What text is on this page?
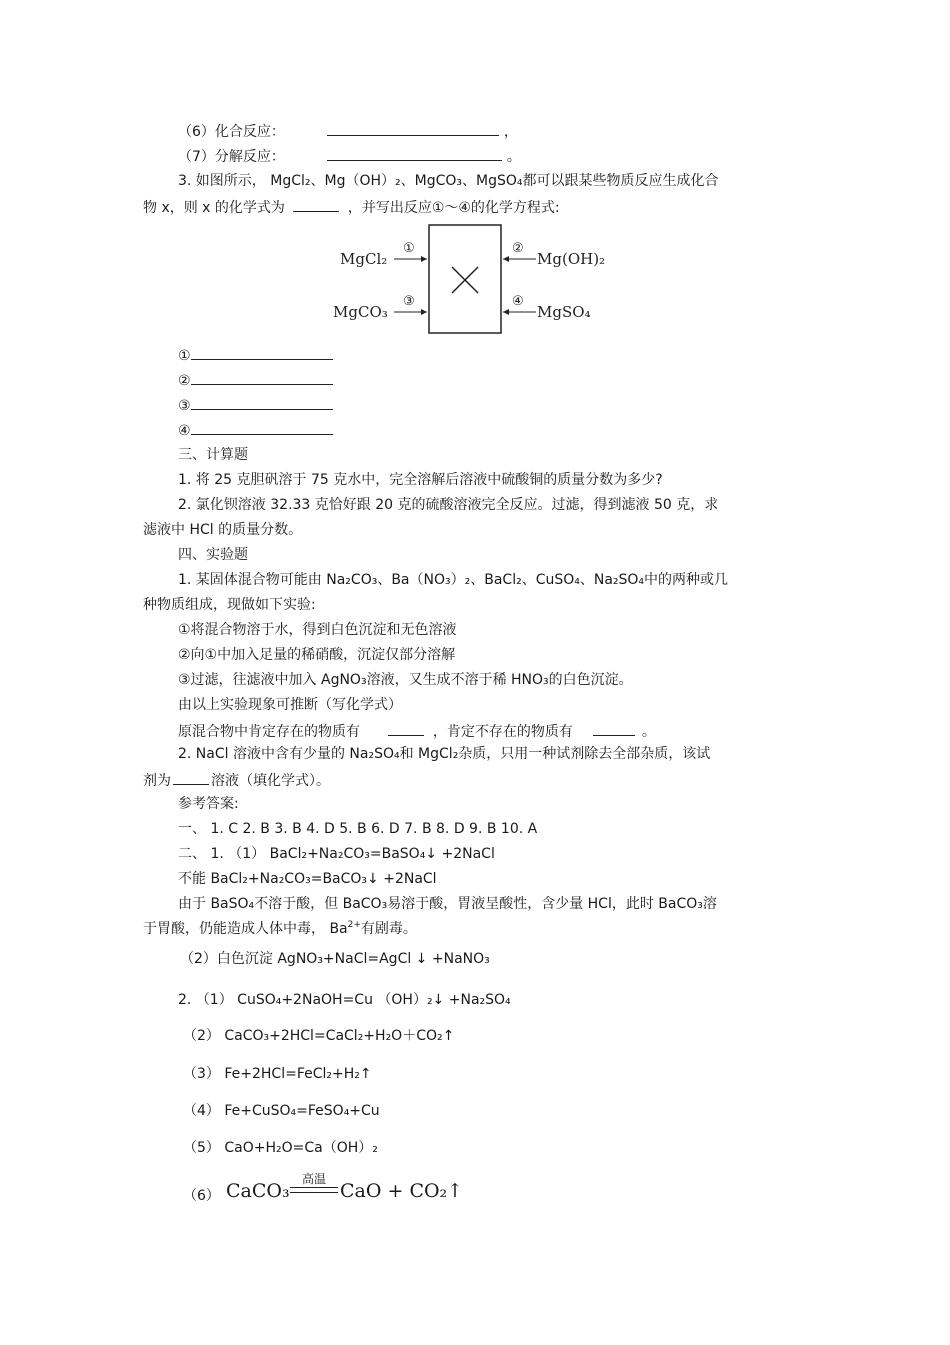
（6）化合反应：	，
（7）分解反应：	。
3. 如图所示， MgCl₂、Mg（OH）₂、MgCO₃、MgSO₄都可以跟某些物质反应生成化合
物 x，则 x 的化学式为	，并写出反应①～④的化学方程式:
MgCl₂
MgCO₃
Mg(OH)₂
MgSO₄
①
③
②
④
①
②
③
④
三、计算题
1. 将 25 克胆矾溶于 75 克水中，完全溶解后溶液中硫酸铜的质量分数为多少?
2. 氯化钡溶液 32.33 克恰好跟 20 克的硫酸溶液完全反应。过滤，得到滤液 50 克，求
滤液中 HCl 的质量分数。
四、实验题
1. 某固体混合物可能由 Na₂CO₃、Ba（NO₃）₂、BaCl₂、CuSO₄、Na₂SO₄中的两种或几
种物质组成，现做如下实验:
①将混合物溶于水，得到白色沉淀和无色溶液
②向①中加入足量的稀硝酸，沉淀仅部分溶解
③过滤，往滤液中加入 AgNO₃溶液，又生成不溶于稀 HNO₃的白色沉淀。
由以上实验现象可推断（写化学式）
原混合物中肯定存在的物质有	，肯定不存在的物质有	。
2. NaCl 溶液中含有少量的 Na₂SO₄和 MgCl₂杂质，只用一种试剂除去全部杂质，该试
剂为	溶液（填化学式）。
参考答案:
一、 1. C 2. B 3. B 4. D 5. B 6. D 7. B 8. D 9. B 10. A
二、 1. （1） BaCl₂+Na₂CO₃=BaSO₄↓ +2NaCl
不能 BaCl₂+Na₂CO₃=BaCO₃↓ +2NaCl
由于 BaSO₄不溶于酸，但 BaCO₃易溶于酸，胃液呈酸性，含少量 HCl，此时 BaCO₃溶
于胃酸，仍能造成人体中毒， $Ba^{2+}$有剧毒。
（2）白色沉淀 AgNO₃+NaCl=AgCl ↓ +NaNO₃
2. （1） CuSO₄+2NaOH=Cu （OH）₂↓ +Na₂SO₄
（2） CaCO₃+2HCl=CaCl₂+H₂O＋CO₂↑
（3） Fe+2HCl=FeCl₂+H₂↑
（4） Fe+CuSO₄=FeSO₄+Cu
（5） CaO+H₂O=Ca（OH）₂
（6） CaCO₃
高温
CaO + CO₂↑
